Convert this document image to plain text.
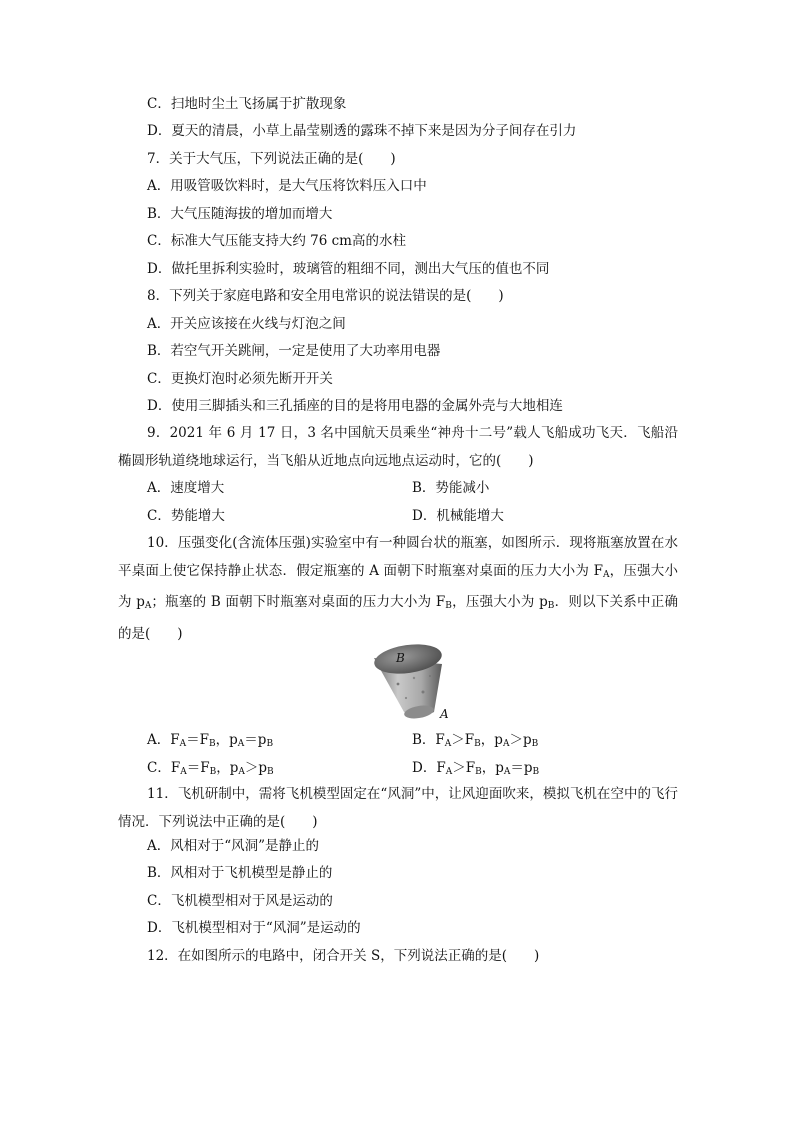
C．扫地时尘土飞扬属于扩散现象
D．夏天的清晨，小草上晶莹剔透的露珠不掉下来是因为分子间存在引力
7．关于大气压，下列说法正确的是(　　)
A．用吸管吸饮料时，是大气压将饮料压入口中
B．大气压随海拔的增加而增大
C．标准大气压能支持大约 76 cm高的水柱
D．做托里拆利实验时，玻璃管的粗细不同，测出大气压的值也不同
8．下列关于家庭电路和安全用电常识的说法错误的是(　　)
A．开关应该接在火线与灯泡之间
B．若空气开关跳闸，一定是使用了大功率用电器
C．更换灯泡时必须先断开开关
D．使用三脚插头和三孔插座的目的是将用电器的金属外壳与大地相连
9．2021 年 6 月 17 日，3 名中国航天员乘坐“神舟十二号”载人飞船成功飞天．飞船沿椭圆形轨道绕地球运行，当飞船从近地点向远地点运动时，它的(　　)
A．速度增大	B．势能减小
C．势能增大	D．机械能增大
10．压强变化(含流体压强)实验室中有一种圆台状的瓶塞，如图所示．现将瓶塞放置在水平桌面上使它保持静止状态．假定瓶塞的 A 面朝下时瓶塞对桌面的压力大小为 $F_A$，压强大小为 $p_A$；瓶塞的 B 面朝下时瓶塞对桌面的压力大小为 $F_B$，压强大小为 $p_B$．则以下关系中正确的是(　　)
B
A
A．$F_A=F_B$，$p_A=p_B$	B．$F_A>F_B$，$p_A>p_B$
C．$F_A=F_B$，$p_A>p_B$	D．$F_A>F_B$，$p_A=p_B$
11．飞机研制中，需将飞机模型固定在“风洞”中，让风迎面吹来，模拟飞机在空中的飞行情况．下列说法中正确的是(　　)
A．风相对于“风洞”是静止的
B．风相对于飞机模型是静止的
C．飞机模型相对于风是运动的
D．飞机模型相对于“风洞”是运动的
12．在如图所示的电路中，闭合开关 S，下列说法正确的是(　　)
